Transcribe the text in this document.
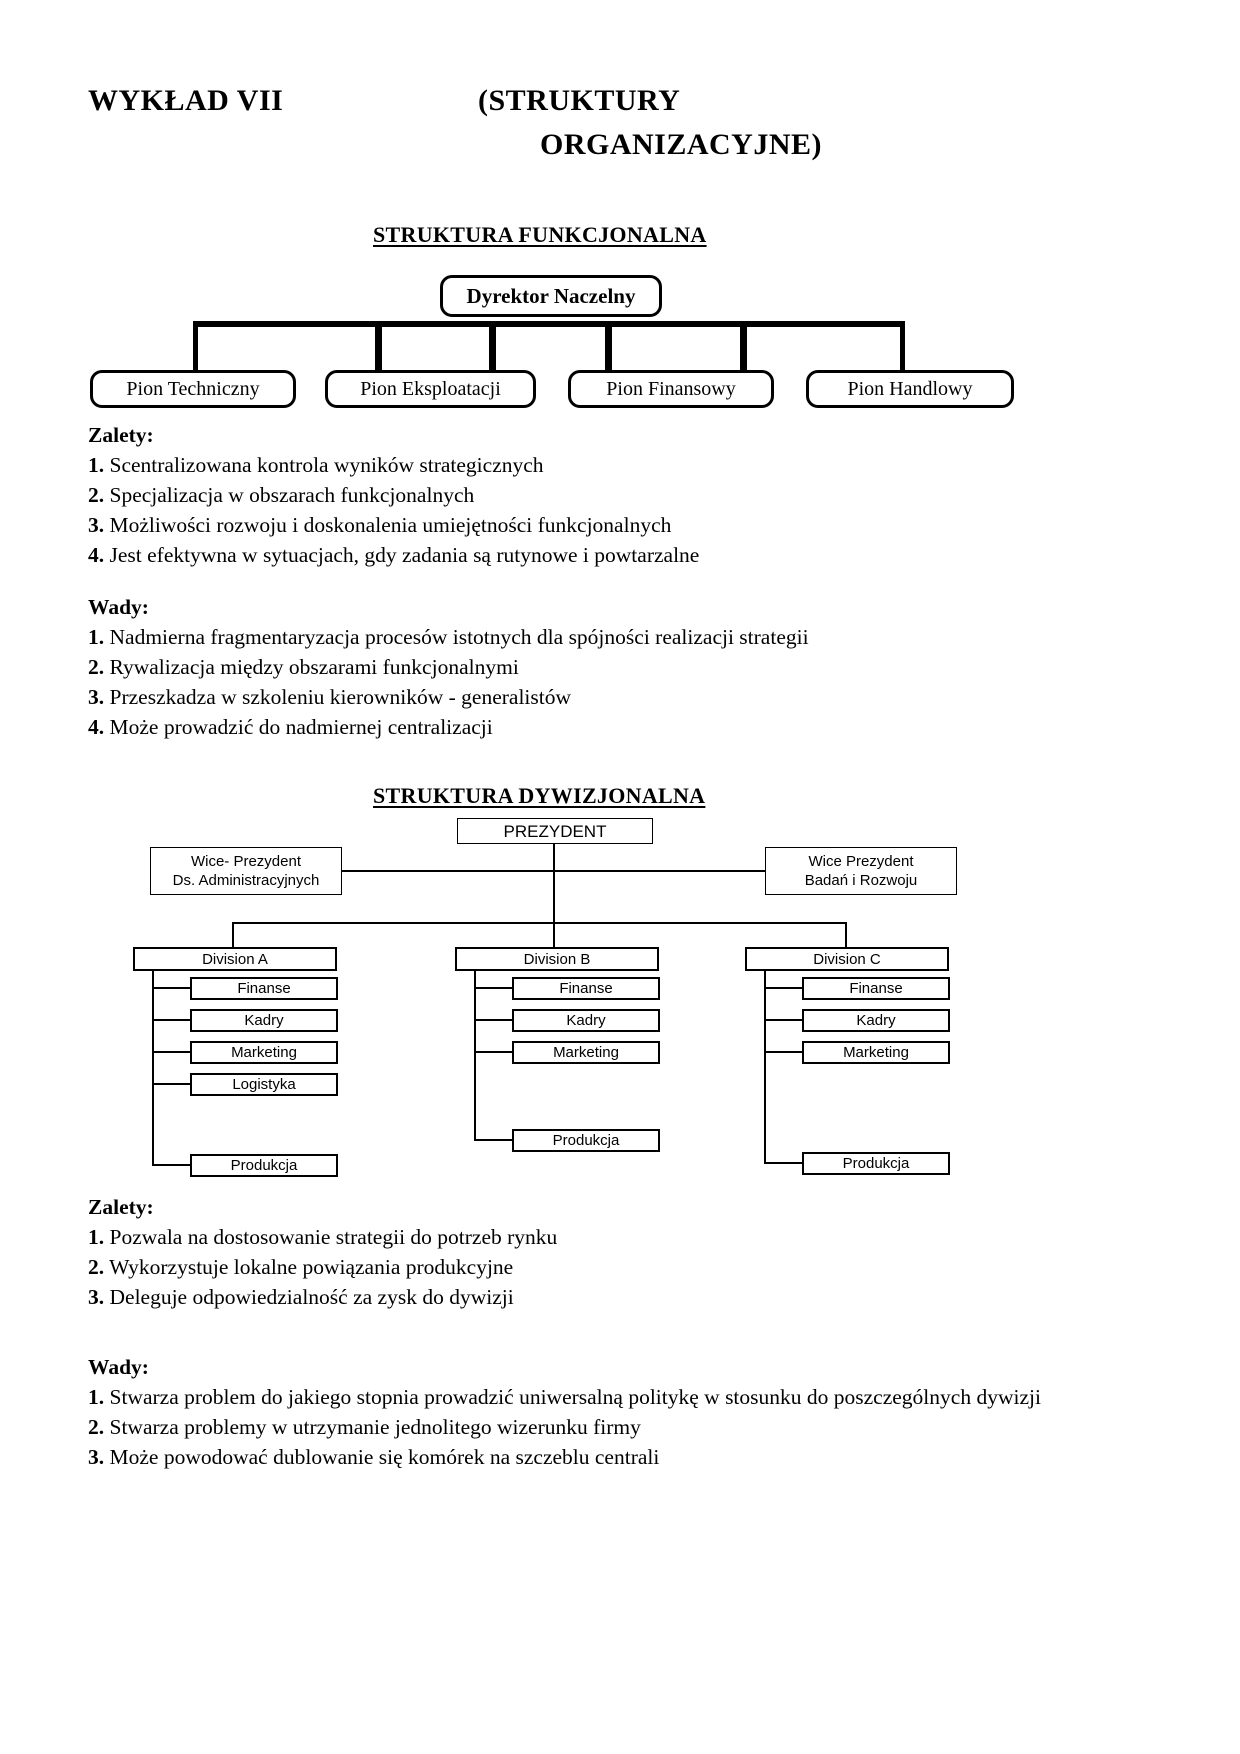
WYKŁAD VII	(STRUKTURY
ORGANIZACYJNE)
STRUKTURA FUNKCJONALNA
Dyrektor Naczelny
Pion Techniczny	Pion Eksploatacji	Pion Finansowy	Pion Handlowy

Zalety:

1. Scentralizowana kontrola wyników strategicznych

2. Specjalizacja w obszarach funkcjonalnych

3. Możliwości rozwoju i doskonalenia umiejętności funkcjonalnych

4. Jest efektywna w sytuacjach, gdy zadania są rutynowe i powtarzalne

Wady:

1. Nadmierna fragmentaryzacja procesów istotnych dla spójności realizacji strategii

2. Rywalizacja między obszarami funkcjonalnymi

3. Przeszkadza w szkoleniu kierowników - generalistów

4. Może prowadzić do nadmiernej centralizacji

STRUKTURA DYWIZJONALNA
PREZYDENT
Wice- Prezydent
Ds. Administracyjnych
Wice Prezydent
Badań i Rozwoju
Division A
Finanse
Kadry
Marketing
Logistyka
Produkcja
Division B
Finanse
Kadry
Marketing
Produkcja
Division C
Finanse
Kadry
Marketing
Produkcja

Zalety:

1. Pozwala na dostosowanie strategii do potrzeb rynku

2. Wykorzystuje lokalne powiązania produkcyjne

3. Deleguje odpowiedzialność za zysk do dywizji

Wady:

1. Stwarza problem do jakiego stopnia prowadzić uniwersalną politykę w stosunku do poszczególnych dywizji

2. Stwarza problemy w utrzymanie jednolitego wizerunku firmy

3. Może powodować dublowanie się komórek na szczeblu centrali
